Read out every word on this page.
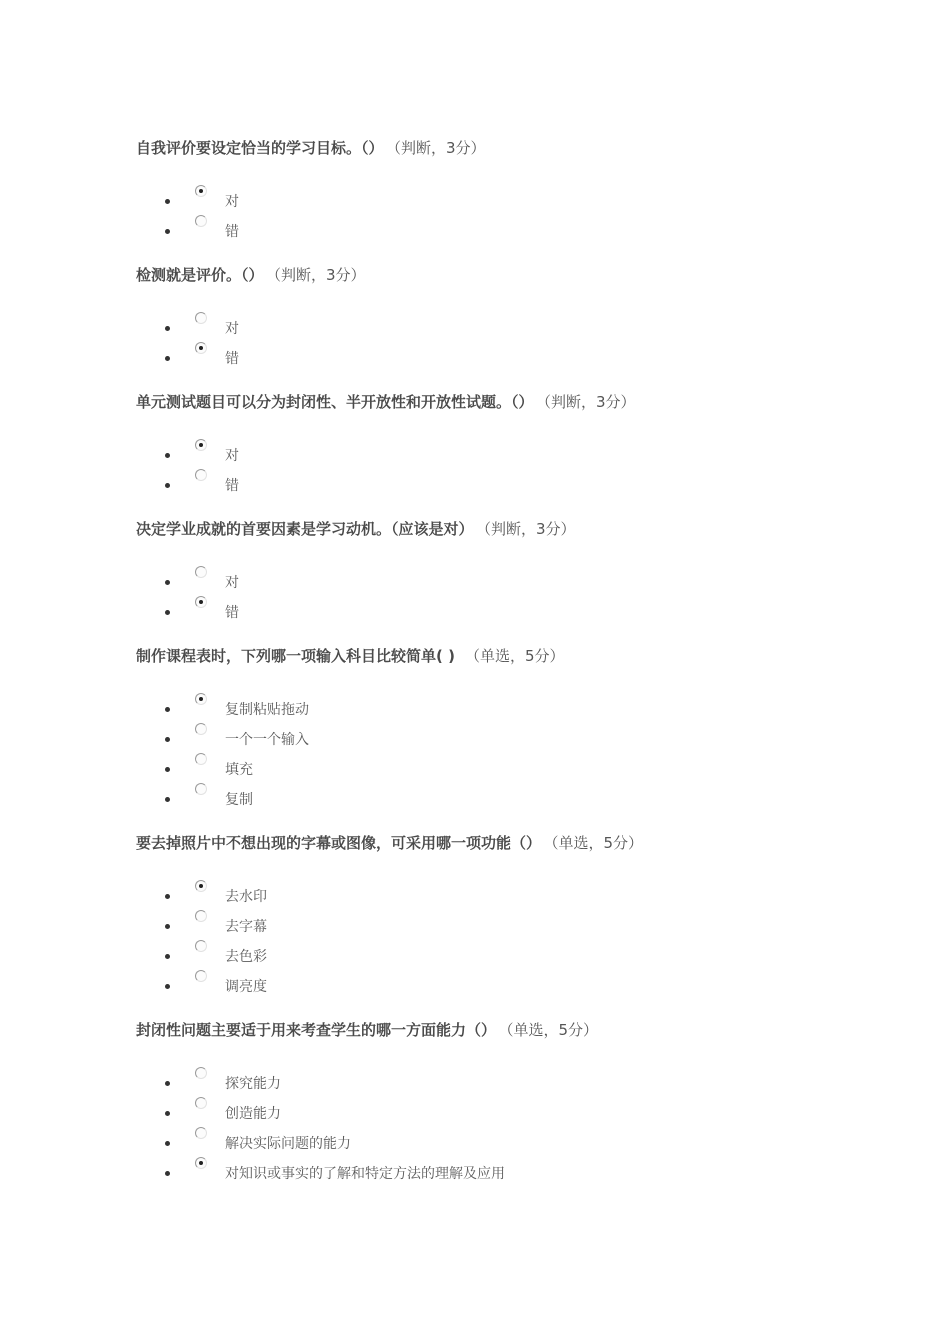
自我评价要设定恰当的学习目标。（） （判断，3分）
对
错
检测就是评价。（） （判断，3分）
对
错
单元测试题目可以分为封闭性、半开放性和开放性试题。（） （判断，3分）
对
错
决定学业成就的首要因素是学习动机。（应该是对） （判断，3分）
对
错
制作课程表时，下列哪一项输入科目比较简单( ) （单选，5分）
复制粘贴拖动
一个一个输入
填充
复制
要去掉照片中不想出现的字幕或图像，可采用哪一项功能（） （单选，5分）
去水印
去字幕
去色彩
调亮度
封闭性问题主要适于用来考查学生的哪一方面能力（） （单选，5分）
探究能力
创造能力
解决实际问题的能力
对知识或事实的了解和特定方法的理解及应用
